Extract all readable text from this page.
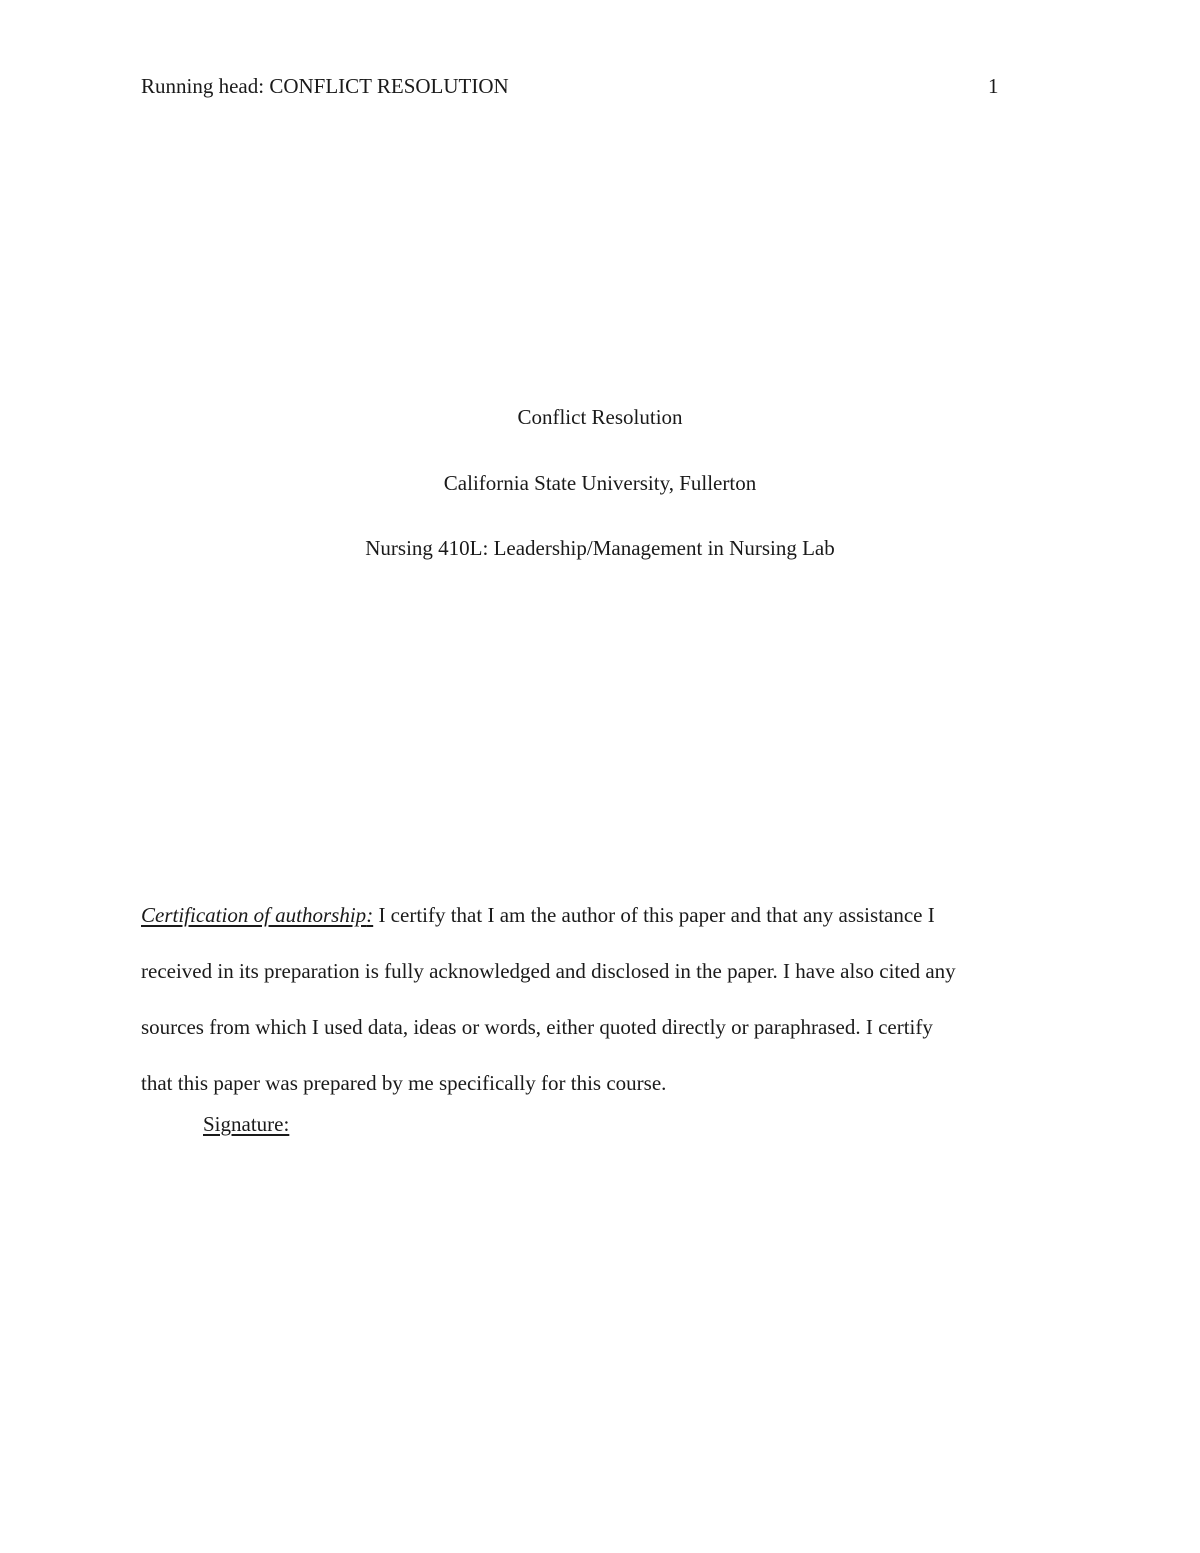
Running head: CONFLICT RESOLUTION	1
Conflict Resolution
California State University, Fullerton
Nursing 410L: Leadership/Management in Nursing Lab
Certification of authorship: I certify that I am the author of this paper and that any assistance I
received in its preparation is fully acknowledged and disclosed in the paper. I have also cited any
sources from which I used data, ideas or words, either quoted directly or paraphrased. I certify
that this paper was prepared by me specifically for this course.
Signature:
